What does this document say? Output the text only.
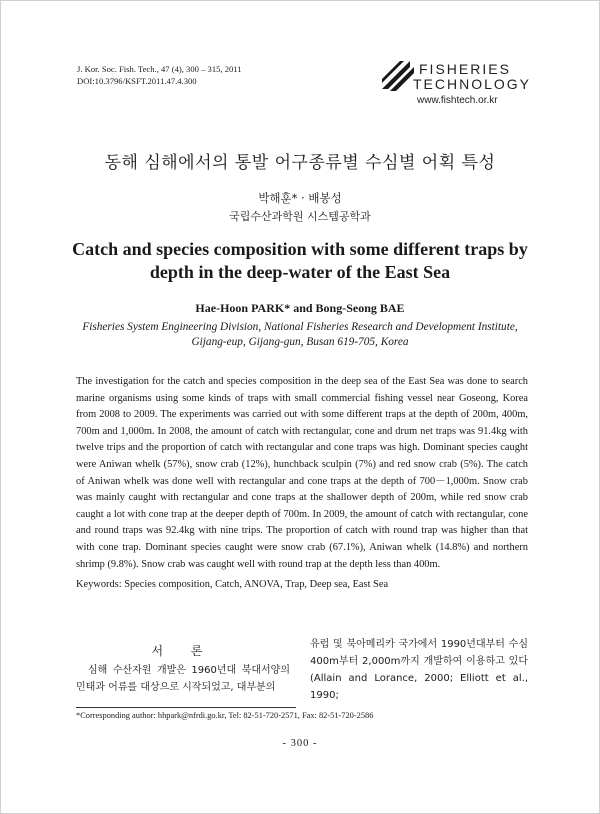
J. Kor. Soc. Fish. Tech., 47 (4), 300 – 315, 2011
DOI:10.3796/KSFT.2011.47.4.300
FISHERIES
TECHNOLOGY
www.fishtech.or.kr
동해 심해에서의 통발 어구종류별 수심별 어획 특성
박해훈* · 배봉성
국립수산과학원 시스템공학과
Catch and species composition with some different traps by depth in the deep-water of the East Sea
Hae-Hoon PARK* and Bong-Seong BAE
Fisheries System Engineering Division, National Fisheries Research and Development Institute, Gijang-eup, Gijang-gun, Busan 619-705, Korea
The investigation for the catch and species composition in the deep sea of the East Sea was done to search marine organisms using some kinds of traps with small commercial fishing vessel near Goseong, Korea from 2008 to 2009. The experiments was carried out with some different traps at the depth of 200m, 400m, 700m and 1,000m. In 2008, the amount of catch with rectangular, cone and drum net traps was 91.4kg with twelve trips and the proportion of catch with rectangular and cone traps was high. Dominant species caught were Aniwan whelk (57%), snow crab (12%), hunchback sculpin (7%) and red snow crab (5%). The catch of Aniwan whelk was done well with rectangular and cone traps at the depth of 700－1,000m. Snow crab was mainly caught with rectangular and cone traps at the shallower depth of 200m, while red snow crab caught a lot with cone trap at the deeper depth of 700m. In 2009, the amount of catch with rectangular, cone and round traps was 92.4kg with nine trips. The proportion of catch with round trap was higher than that with cone trap. Dominant species caught were snow crab (67.1%), Aniwan whelk (14.8%) and northern shrimp (9.8%). Snow crab was caught well with round trap at the depth less than 400m.
Keywords: Species composition, Catch, ANOVA, Trap, Deep sea, East Sea
서 론
심해 수산자원 개발은 1960년대 북대서양의 민태과 어류를 대상으로 시작되었고, 대부분의
유럽 및 북아메리카 국가에서 1990년대부터 수심 400m부터 2,000m까지 개발하여 이용하고 있다 (Allain and Lorance, 2000; Elliott et al., 1990;
*Corresponding author: hhpark@nfrdi.go.kr, Tel: 82-51-720-2571, Fax: 82-51-720-2586
- 300 -
